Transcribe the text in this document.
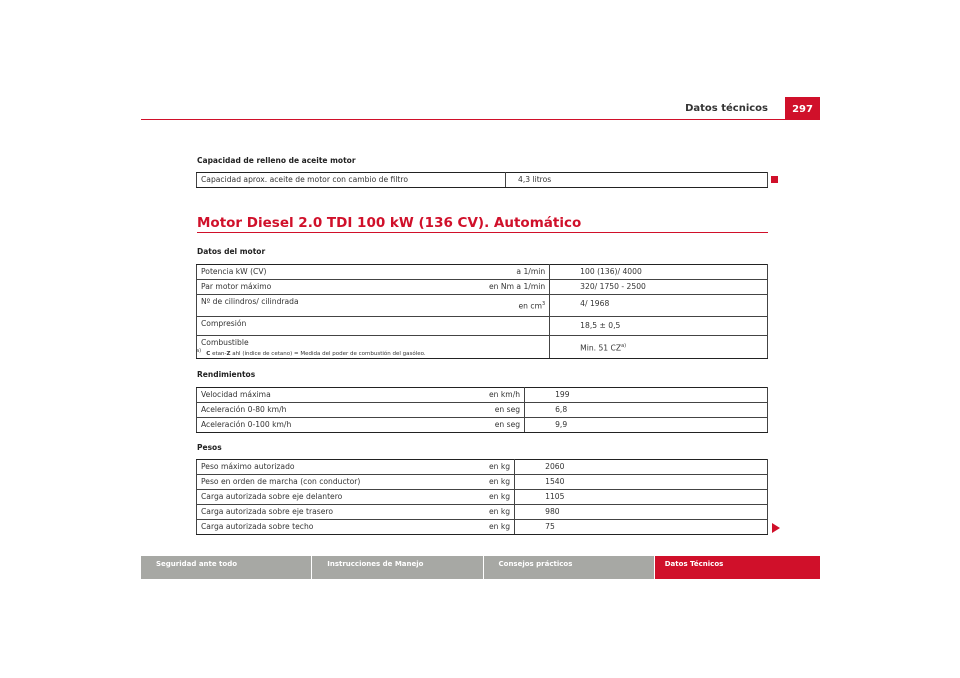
Datos técnicos	297
Capacidad de relleno de aceite motor
Capacidad aprox. aceite de motor con cambio de filtro	4,3 litros
Motor Diesel 2.0 TDI 100 kW (136 CV). Automático
Datos del motor
Potencia kW (CV)	a 1/min	100 (136)/ 4000
Par motor máximo	en Nm a 1/min	320/ 1750 - 2500
Nº de cilindros/ cilindrada	en $cm^3$	4/ 1968
Compresión		18,5 ± 0,5
Combustible		Min. 51 CZ$^{a)}$
$^{a)}$ C etan-Z ahl (índice de cetano) = Medida del poder de combustión del gasóleo.
Rendimientos
Velocidad máxima	en km/h	199
Aceleración 0-80 km/h	en seg	6,8
Aceleración 0-100 km/h	en seg	9,9
Pesos
Peso máximo autorizado	en kg	2060
Peso en orden de marcha (con conductor)	en kg	1540
Carga autorizada sobre eje delantero	en kg	1105
Carga autorizada sobre eje trasero	en kg	980
Carga autorizada sobre techo	en kg	75
Seguridad ante todo	Instrucciones de Manejo	Consejos prácticos	Datos Técnicos
